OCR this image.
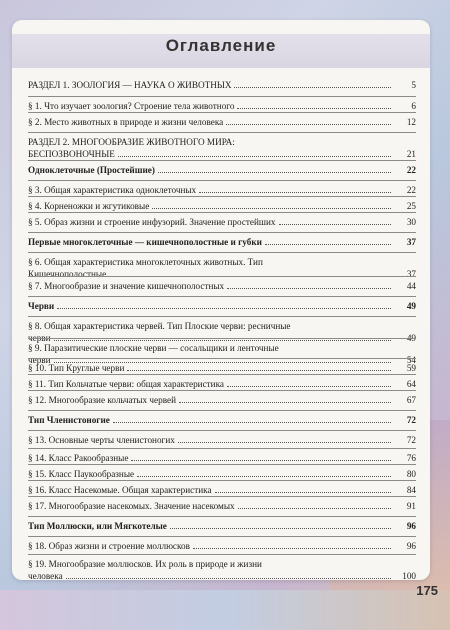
Оглавление
РАЗДЕЛ 1. ЗООЛОГИЯ — НАУКА О ЖИВОТНЫХ	5
§ 1. Что изучает зоология? Строение тела животного	6
§ 2. Место животных в природе и жизни человека	12
РАЗДЕЛ 2. МНОГООБРАЗИЕ ЖИВОТНОГО МИРА:
БЕСПОЗВОНОЧНЫЕ	21
Одноклеточные (Простейшие)	22
§ 3. Общая характеристика одноклеточных	22
§ 4. Корненожки и жгутиковые	25
§ 5. Образ жизни и строение инфузорий. Значение простейших	30
Первые многоклеточные — кишечнополостные и губки	37
§ 6. Общая характеристика многоклеточных животных. Тип
Кишечнополостные	37
§ 7. Многообразие и значение кишечнополостных	44
Черви	49
§ 8. Общая характеристика червей. Тип Плоские черви: ресничные
черви	49
§ 9. Паразитические плоские черви — сосальщики и ленточные
черви	54
§ 10. Тип Круглые черви	59
§ 11. Тип Кольчатые черви: общая характеристика	64
§ 12. Многообразие кольчатых червей	67
Тип Членистоногие	72
§ 13. Основные черты членистоногих	72
§ 14. Класс Ракообразные	76
§ 15. Класс Паукообразные	80
§ 16. Класс Насекомые. Общая характеристика	84
§ 17. Многообразие насекомых. Значение насекомых	91
Тип Моллюски, или Мягкотелые	96
§ 18. Образ жизни и строение моллюсков	96
§ 19. Многообразие моллюсков. Их роль в природе и жизни
человека	100
175
